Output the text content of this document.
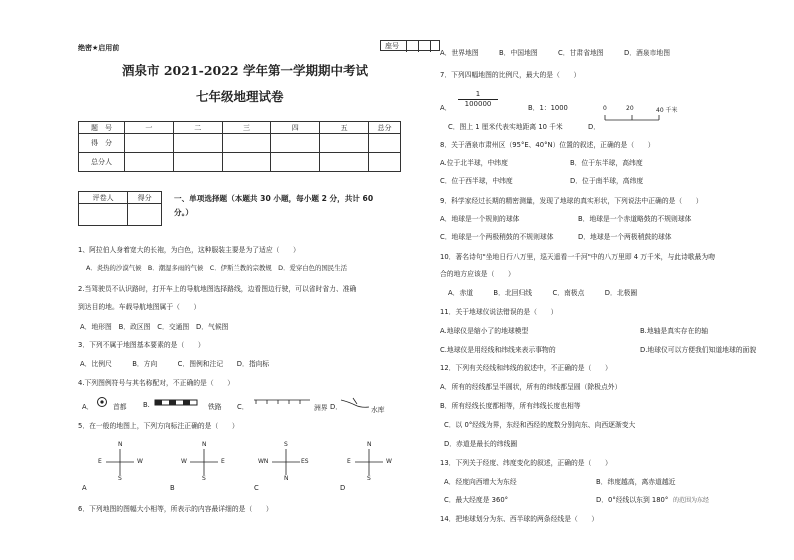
绝密★启用前	座号
酒泉市 2021-2022 学年第一学期期中考试
七年级地理试卷
题　号	一	二	三	四	五	总分
得　分						
总分人						
评卷人	得分
		一、单项选择题（本题共 30 小题，每小题 2 分，共计 60
分。）
1、阿拉伯人身着宽大的长袍，为白色，这种服装主要是为了适应（　　）
A．炎热的沙漠气候　B．潮湿多雨的气候　C．伊斯兰教的宗教规　D．爱穿白色的国民生活
2.当驾驶员不认识路时，打开车上的导航地图选择路线，边看图边行驶，可以省时省力、准确
到达目的地。车载导航地图属于（　　）
A．地形图　B．政区图　C．交通图　D．气候图
3．下列不属于地图基本要素的是（　　）
A．比例尺　　　B．方向　　　C．图例和注记　　D．指向标
4.下列图例符号与其名称配对，不正确的是（　　）
A．	首都 B.	铁路 C．	洲界 D．	水库
5．在一般的地图上，下列方向标注正确的是（　　）
N
E	W
S
A
N
W	E
S
B
S
WN	ES
N
C
N
E	W
S
D
6．下列地图的图幅大小相等，所表示的内容最详细的是（　　）
A．世界地图　　　B．中国地图　　　C．甘肃省地图　　　D．酒泉市地图
7．下列四幅地图的比例尺，最大的是（　　）
A． $\frac{1}{100000}$	B．1：1000
C．图上 1 厘米代表实地距离 10 千米	D．
0	20	40 千米
8．关于酒泉市肃州区（95°E、40°N）位置的叙述，正确的是（　　）
A.位于北半球，中纬度	B．位于东半球，高纬度
C．位于西半球，中纬度	D．位于南半球，高纬度
9．科学家经过长期的精密测量，发现了地球的真实形状，下列说法中正确的是（　　）
A．地球是一个规则的球体	B．地球是一个赤道略鼓的不规则球体
C．地球是一个两极稍鼓的不规则球体	D．地球是一个两极稍鼓的球体
10．著名诗句"坐地日行八万里，巡天遥看一千河"中的八万里即 4 万千米，与此诗歌最为吻
合的地方应该是（　　）
A．赤道　　　B．北回归线　　　C．南极点　　　D．北极圈
11．关于地球仪说法错误的是（　　）
A.地球仪是缩小了的地球模型	B.地轴是真实存在的轴
C.地球仪是用经线和纬线来表示事物的	D.地球仪可以方便我们知道地球的面貌
12．下列有关经线和纬线的叙述中，不正确的是（　　）
A．所有的经线都呈半圆状，所有的纬线都呈圆（除极点外）
B．所有经线长度都相等，所有纬线长度也相等
C．以 0°经线为界，东经和西经的度数分别向东、向西逐渐变大
D．赤道是最长的纬线圈
13．下列关于经度、纬度变化的叙述，正确的是（　　）
A．经度向西增大为东经	B．纬度越高，离赤道越近
C．最大经度是 360°	D．0°经线以东到 180° 的范围为东经
14．把地球划分为东、西半球的两条经线是（　　）
